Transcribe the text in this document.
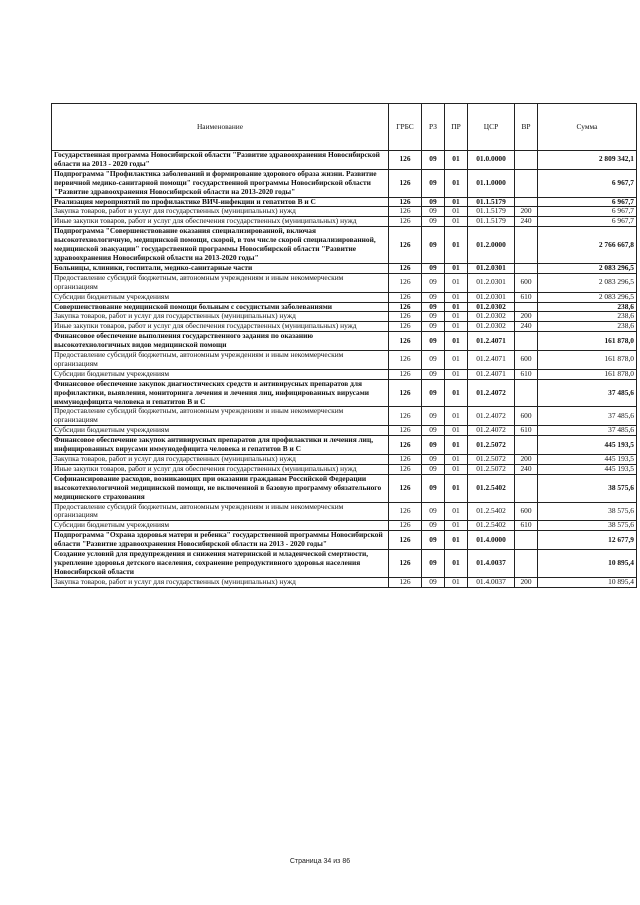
Наименование	ГРБС	РЗ	ПР	ЦСР	ВР	Сумма
Государственная программа Новосибирской области "Развитие здравоохранения Новосибирской области на 2013 - 2020 годы"	126	09	01	01.0.0000		2 809 342,1
Подпрограмма "Профилактика заболеваний и формирование здорового образа жизни. Развитие первичной медико-санитарной помощи" государственной программы Новосибирской области "Развитие здравоохранения Новосибирской области на 2013-2020 годы"	126	09	01	01.1.0000		6 967,7
Реализация мероприятий по профилактике ВИЧ-инфекции и гепатитов В и С	126	09	01	01.1.5179		6 967,7
Закупка товаров, работ и услуг для государственных (муниципальных) нужд	126	09	01	01.1.5179	200	6 967,7
Иные закупки товаров, работ и услуг для обеспечения государственных (муниципальных) нужд	126	09	01	01.1.5179	240	6 967,7
Подпрограмма "Совершенствование оказания специализированной, включая высокотехнологичную, медицинской помощи, скорой, в том числе скорой специализированной, медицинской эвакуации" государственной программы Новосибирской области "Развитие здравоохранения Новосибирской области на 2013-2020 годы"	126	09	01	01.2.0000		2 766 667,8
Больницы, клиники, госпитали, медико-санитарные части	126	09	01	01.2.0301		2 083 296,5
Предоставление субсидий бюджетным, автономным учреждениям и иным некоммерческим организациям	126	09	01	01.2.0301	600	2 083 296,5
Субсидии бюджетным учреждениям	126	09	01	01.2.0301	610	2 083 296,5
Совершенствование медицинской помощи больным с сосудистыми заболеваниями	126	09	01	01.2.0302		238,6
Закупка товаров, работ и услуг для государственных (муниципальных) нужд	126	09	01	01.2.0302	200	238,6
Иные закупки товаров, работ и услуг для обеспечения государственных (муниципальных) нужд	126	09	01	01.2.0302	240	238,6
Финансовое обеспечение выполнения государственного задания по оказанию высокотехнологичных видов медицинской помощи	126	09	01	01.2.4071		161 878,0
Предоставление субсидий бюджетным, автономным учреждениям и иным некоммерческим организациям	126	09	01	01.2.4071	600	161 878,0
Субсидии бюджетным учреждениям	126	09	01	01.2.4071	610	161 878,0
Финансовое обеспечение закупок диагностических средств и антивирусных препаратов для профилактики, выявления, мониторинга лечения и лечения лиц, инфицированных вирусами иммунодефицита человека и гепатитов В и С	126	09	01	01.2.4072		37 485,6
Предоставление субсидий бюджетным, автономным учреждениям и иным некоммерческим организациям	126	09	01	01.2.4072	600	37 485,6
Субсидии бюджетным учреждениям	126	09	01	01.2.4072	610	37 485,6
Финансовое обеспечение закупок антивирусных препаратов для профилактики и лечения лиц, инфицированных вирусами иммунодефицита человека и гепатитов В и С	126	09	01	01.2.5072		445 193,5
Закупка товаров, работ и услуг для государственных (муниципальных) нужд	126	09	01	01.2.5072	200	445 193,5
Иные закупки товаров, работ и услуг для обеспечения государственных (муниципальных) нужд	126	09	01	01.2.5072	240	445 193,5
Софинансирование расходов, возникающих при оказании гражданам Российской Федерации высокотехнологичной медицинской помощи, не включенной в базовую программу обязательного медицинского страхования	126	09	01	01.2.5402		38 575,6
Предоставление субсидий бюджетным, автономным учреждениям и иным некоммерческим организациям	126	09	01	01.2.5402	600	38 575,6
Субсидии бюджетным учреждениям	126	09	01	01.2.5402	610	38 575,6
Подпрограмма "Охрана здоровья матери и ребенка" государственной программы Новосибирской области "Развитие здравоохранения Новосибирской области на 2013 - 2020 годы"	126	09	01	01.4.0000		12 677,9
Создание условий для предупреждения и снижения материнской и младенческой смертности, укрепление здоровья детского населения, сохранение репродуктивного здоровья населения Новосибирской области	126	09	01	01.4.0037		10 895,4
Закупка товаров, работ и услуг для государственных (муниципальных) нужд	126	09	01	01.4.0037	200	10 895,4
Страница 34 из 86
